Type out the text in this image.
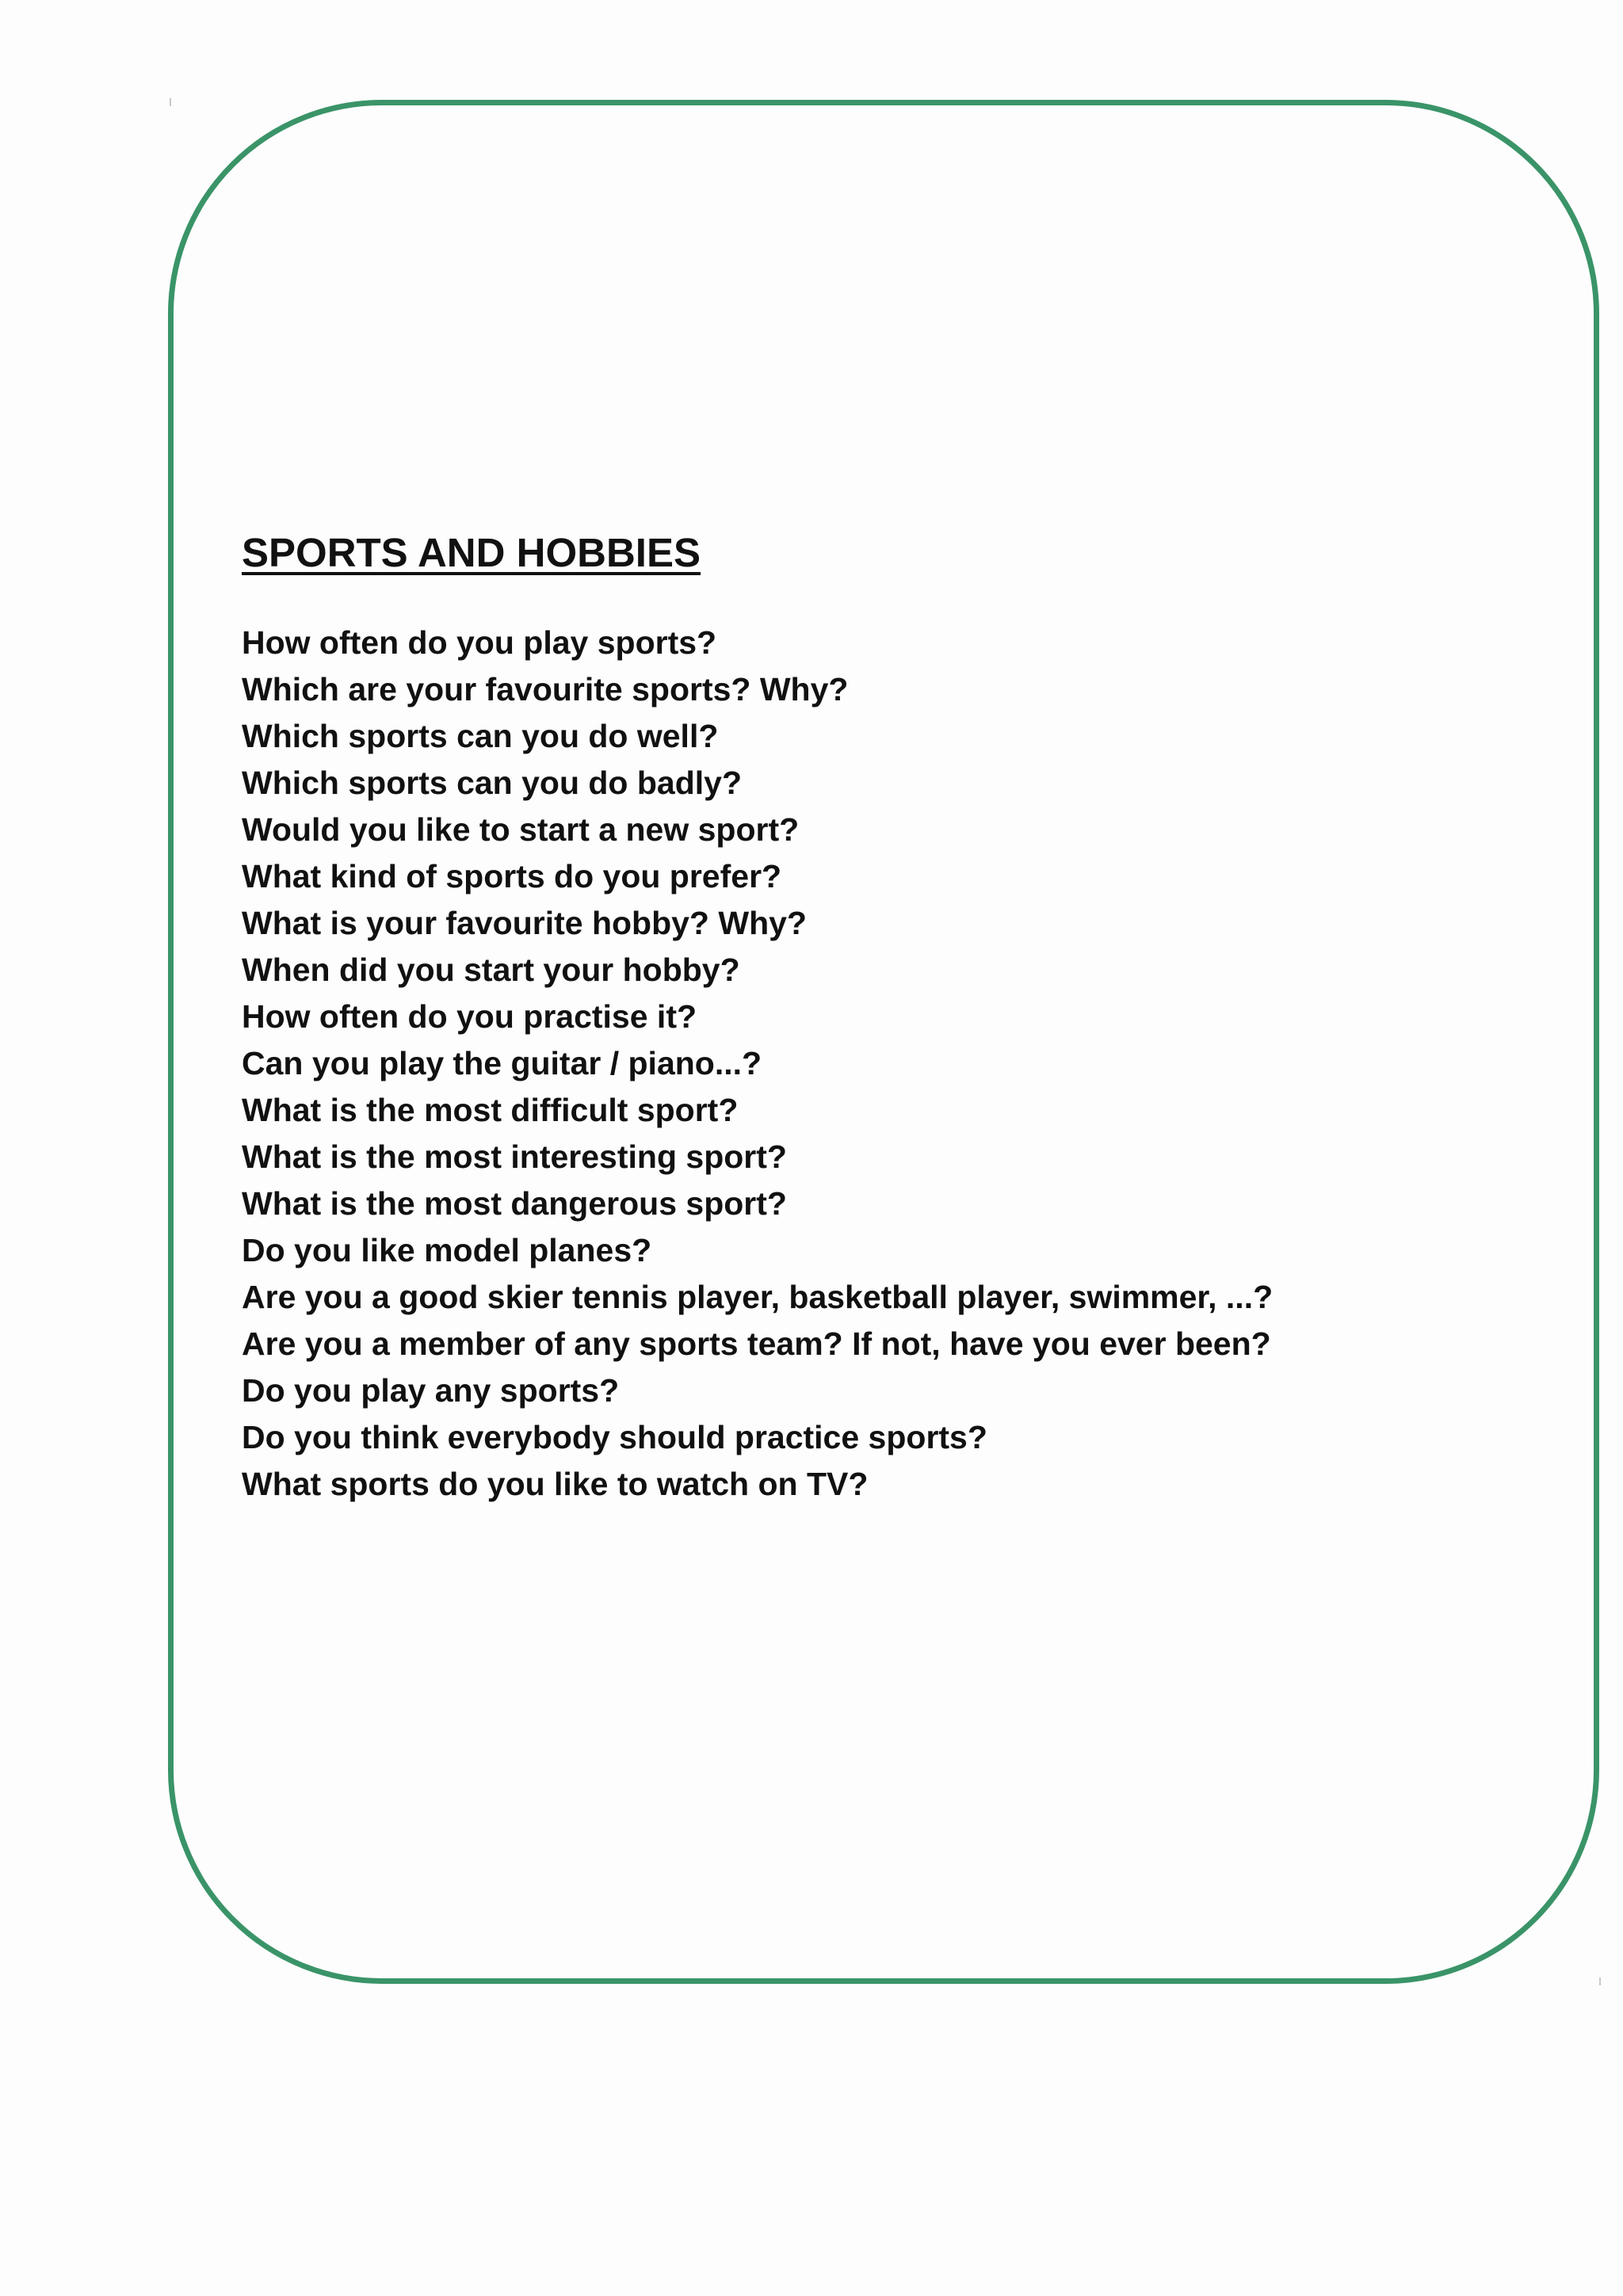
SPORTS AND HOBBIES
How often do you play sports?
Which are your favourite sports? Why?
Which sports can you do well?
Which sports can you do badly?
Would you like to start a new sport?
What kind of sports do you prefer?
What is your favourite hobby? Why?
When did you start your hobby?
How often do you practise it?
Can you play the guitar / piano...?
What is the most difficult sport?
What is the most interesting sport?
What is the most dangerous sport?
Do you like model planes?
Are you a good skier tennis player, basketball player, swimmer, ...?
Are you a member of any sports team? If not, have you ever been?
Do you play any sports?
Do you think everybody should practice sports?
What sports do you like to watch on TV?
